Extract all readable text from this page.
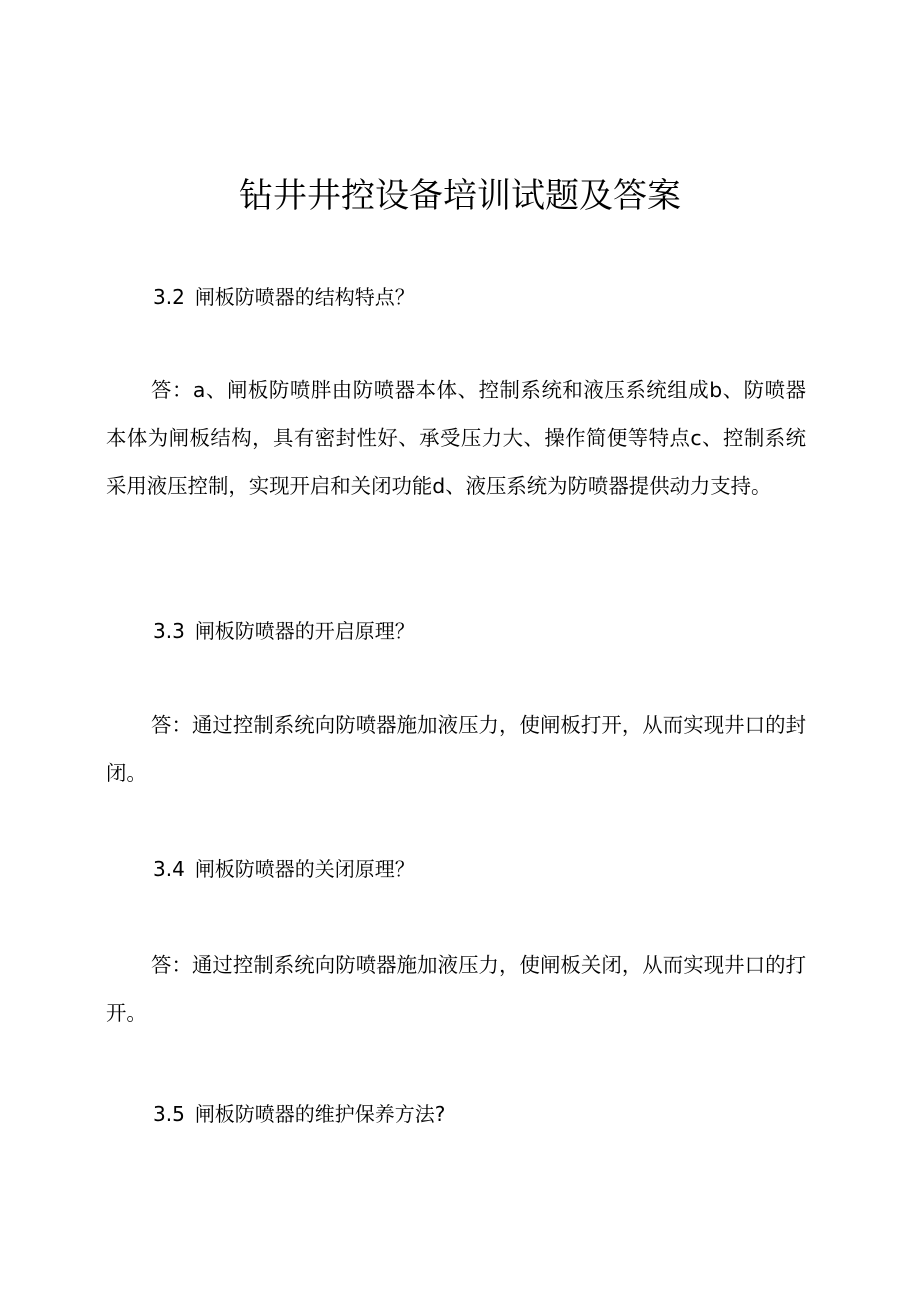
钻井井控设备培训试题及答案

3.2 闸板防喷器的结构特点？

答：a、闸板防喷胖由防喷器本体、控制系统和液压系统组成b、防喷器本体为闸板结构，具有密封性好、承受压力大、操作简便等特点c、控制系统采用液压控制，实现开启和关闭功能d、液压系统为防喷器提供动力支持。

3.3 闸板防喷器的开启原理？

答：通过控制系统向防喷器施加液压力，使闸板打开，从而实现井口的封闭。

3.4 闸板防喷器的关闭原理？

答：通过控制系统向防喷器施加液压力，使闸板关闭，从而实现井口的打开。

3.5 闸板防喷器的维护保养方法?
